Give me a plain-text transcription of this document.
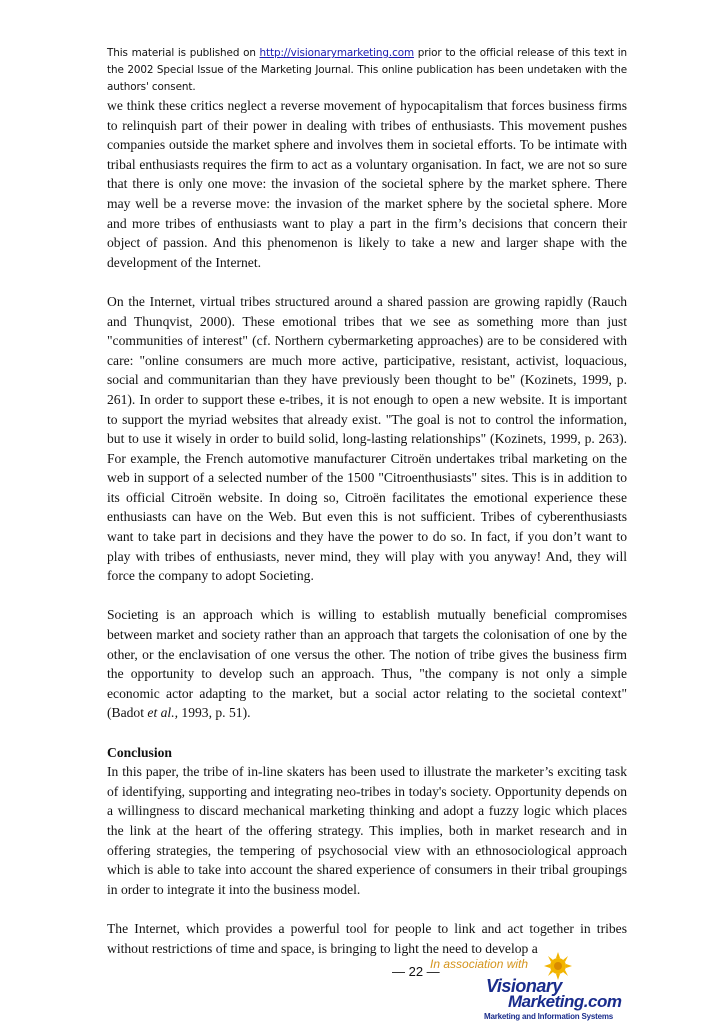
This material is published on http://visionarymarketing.com prior to the official release of this text in the 2002 Special Issue of the Marketing Journal. This online publication has been undetaken with the authors' consent.

we think these critics neglect a reverse movement of hypocapitalism that forces business firms to relinquish part of their power in dealing with tribes of enthusiasts. This movement pushes companies outside the market sphere and involves them in societal efforts. To be intimate with tribal enthusiasts requires the firm to act as a voluntary organisation. In fact, we are not so sure that there is only one move: the invasion of the societal sphere by the market sphere. There may well be a reverse move: the invasion of the market sphere by the societal sphere. More and more tribes of enthusiasts want to play a part in the firm’s decisions that concern their object of passion. And this phenomenon is likely to take a new and larger shape with the development of the Internet.

On the Internet, virtual tribes structured around a shared passion are growing rapidly (Rauch and Thunqvist, 2000). These emotional tribes that we see as something more than just "communities of interest" (cf. Northern cybermarketing approaches) are to be considered with care: "online consumers are much more active, participative, resistant, activist, loquacious, social and communitarian than they have previously been thought to be" (Kozinets, 1999, p. 261). In order to support these e-tribes, it is not enough to open a new website. It is important to support the myriad websites that already exist. "The goal is not to control the information, but to use it wisely in order to build solid, long-lasting relationships" (Kozinets, 1999, p. 263). For example, the French automotive manufacturer Citroën undertakes tribal marketing on the web in support of a selected number of the 1500 "Citroenthusiasts" sites. This is in addition to its official Citroën website. In doing so, Citroën facilitates the emotional experience these enthusiasts can have on the Web. But even this is not sufficient. Tribes of cyberenthusiasts want to take part in decisions and they have the power to do so. In fact, if you don’t want to play with tribes of enthusiasts, never mind, they will play with you anyway! And, they will force the company to adopt Societing.

Societing is an approach which is willing to establish mutually beneficial compromises between market and society rather than an approach that targets the colonisation of one by the other, or the enclavisation of one versus the other. The notion of tribe gives the business firm the opportunity to develop such an approach. Thus, "the company is not only a simple economic actor adapting to the market, but a social actor relating to the societal context" (Badot et al., 1993, p. 51).

Conclusion

In this paper, the tribe of in-line skaters has been used to illustrate the marketer’s exciting task of identifying, supporting and integrating neo-tribes in today's society. Opportunity depends on a willingness to discard mechanical marketing thinking and adopt a fuzzy logic which places the link at the heart of the offering strategy. This implies, both in market research and in offering strategies, the tempering of psychosocial view with an ethnosociological approach which is able to take into account the shared experience of consumers in their tribal groupings in order to integrate it into the business model.

The Internet, which provides a powerful tool for people to link and act together in tribes without restrictions of time and space, is bringing to light the need to develop a

— 22 —
In association with
Visionary
Marketing.com
Marketing and Information Systems
